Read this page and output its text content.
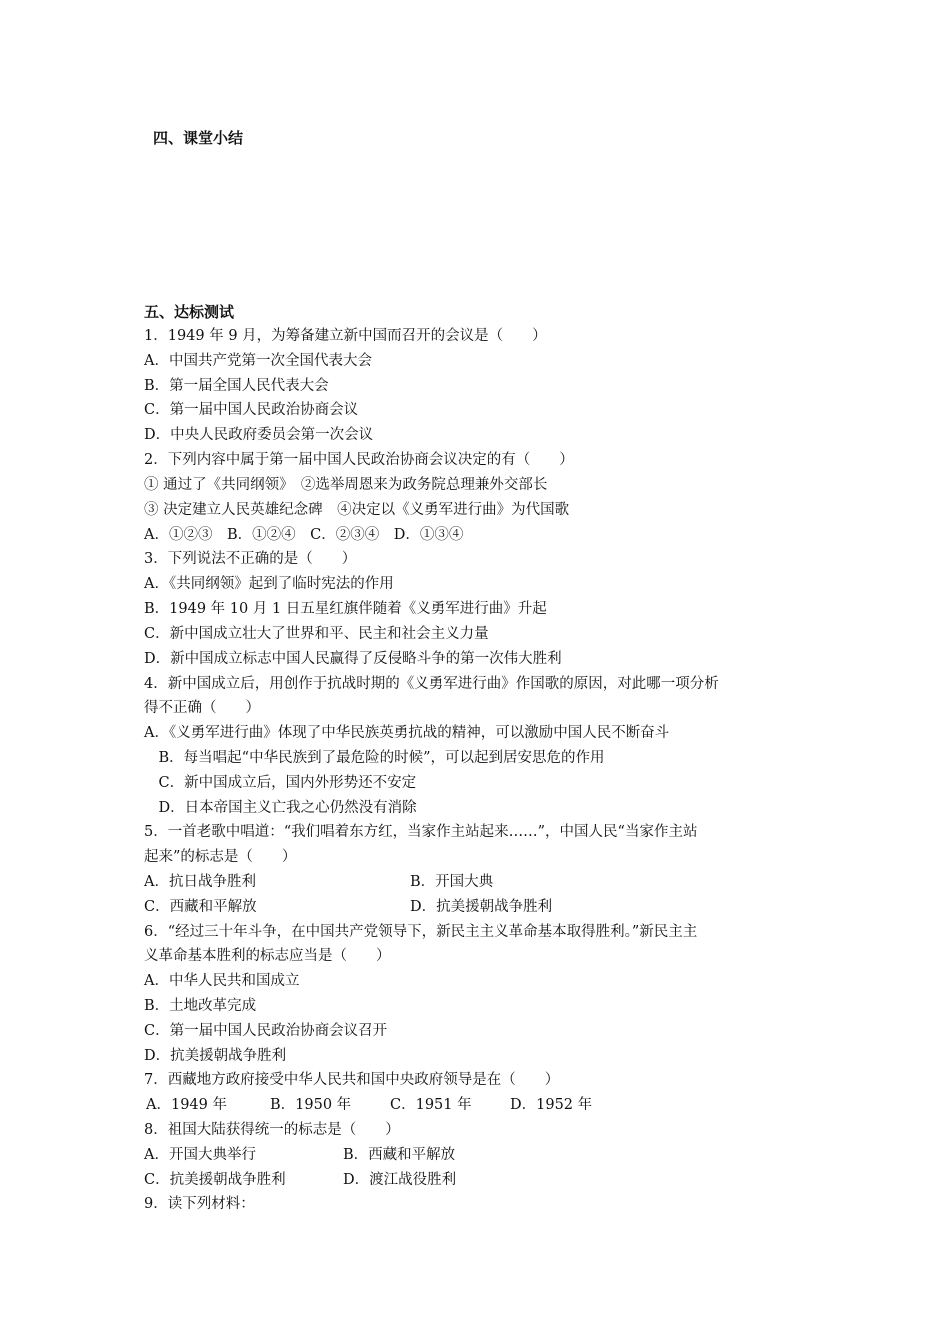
四、课堂小结
五、达标测试
1．1949 年 9 月，为筹备建立新中国而召开的会议是（　　）
A．中国共产党第一次全国代表大会
B．第一届全国人民代表大会
C．第一届中国人民政治协商会议
D．中央人民政府委员会第一次会议
2．下列内容中属于第一届中国人民政治协商会议决定的有（　　）
① 通过了《共同纲领》　②选举周恩来为政务院总理兼外交部长
③ 决定建立人民英雄纪念碑　④决定以《义勇军进行曲》为代国歌
A．①②③　B．①②④　C．②③④　D．①③④
3．下列说法不正确的是（　　）
A．《共同纲领》起到了临时宪法的作用
B．1949 年 10 月 1 日五星红旗伴随着《义勇军进行曲》升起
C．新中国成立壮大了世界和平、民主和社会主义力量
D．新中国成立标志中国人民赢得了反侵略斗争的第一次伟大胜利
4．新中国成立后，用创作于抗战时期的《义勇军进行曲》作国歌的原因，对此哪一项分析
得不正确（　　）
A．《义勇军进行曲》体现了中华民族英勇抗战的精神，可以激励中国人民不断奋斗
　B．每当唱起“中华民族到了最危险的时候”，可以起到居安思危的作用
　C．新中国成立后，国内外形势还不安定
　D．日本帝国主义亡我之心仍然没有消除
5．一首老歌中唱道：“我们唱着东方红，当家作主站起来……”，中国人民“当家作主站
起来”的标志是（　　）
A．抗日战争胜利	B．开国大典
C．西藏和平解放	D．抗美援朝战争胜利
6．“经过三十年斗争，在中国共产党领导下，新民主主义革命基本取得胜利。”新民主主
义革命基本胜利的标志应当是（　　）
A．中华人民共和国成立
B．土地改革完成
C．第一届中国人民政治协商会议召开
D．抗美援朝战争胜利
7．西藏地方政府接受中华人民共和国中央政府领导是在（　　）
A．1949 年	B．1950 年	C．1951 年	D．1952 年
8．祖国大陆获得统一的标志是（　　）
A．开国大典举行	B．西藏和平解放
C．抗美援朝战争胜利	D．渡江战役胜利
9．读下列材料：
